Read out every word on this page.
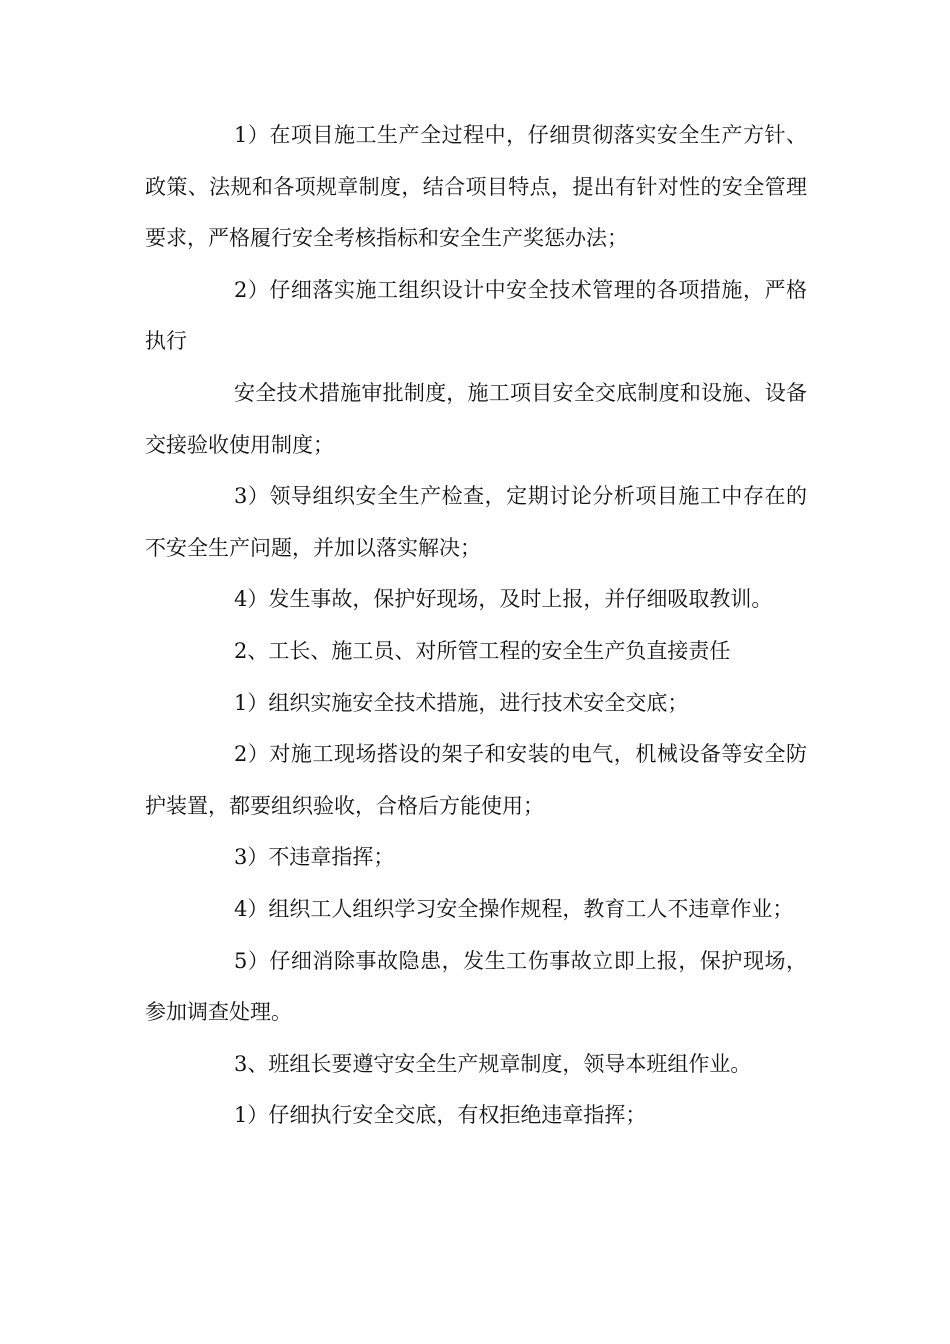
1）在项目施工生产全过程中，仔细贯彻落实安全生产方针、政策、法规和各项规章制度，结合项目特点，提出有针对性的安全管理要求，严格履行安全考核指标和安全生产奖惩办法；

2）仔细落实施工组织设计中安全技术管理的各项措施，严格执行

安全技术措施审批制度，施工项目安全交底制度和设施、设备交接验收使用制度；

3）领导组织安全生产检查，定期讨论分析项目施工中存在的不安全生产问题，并加以落实解决；

4）发生事故，保护好现场，及时上报，并仔细吸取教训。

2、工长、施工员、对所管工程的安全生产负直接责任

1）组织实施安全技术措施，进行技术安全交底；

2）对施工现场搭设的架子和安装的电气，机械设备等安全防护装置，都要组织验收，合格后方能使用；

3）不违章指挥；

4）组织工人组织学习安全操作规程，教育工人不违章作业；

5）仔细消除事故隐患，发生工伤事故立即上报，保护现场，参加调查处理。

3、班组长要遵守安全生产规章制度，领导本班组作业。

1）仔细执行安全交底，有权拒绝违章指挥；
